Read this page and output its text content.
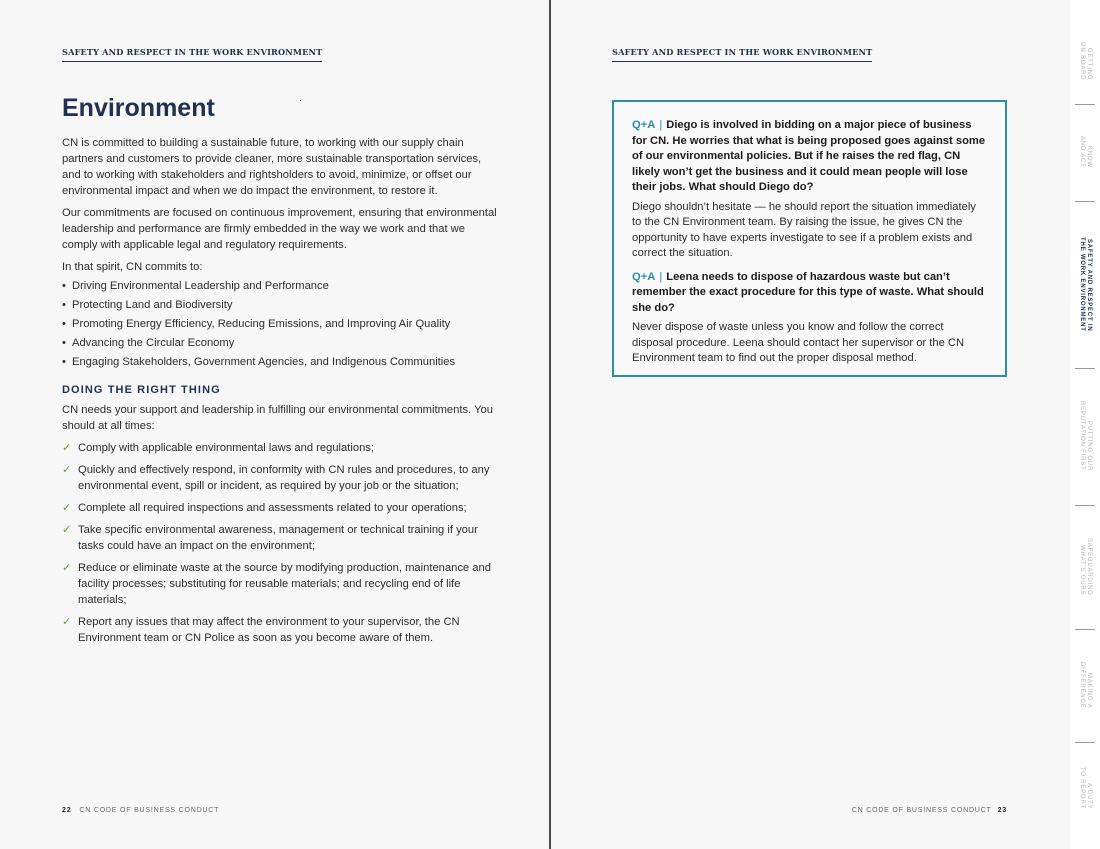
SAFETY AND RESPECT IN THE WORK ENVIRONMENT
Environment

CN is committed to building a sustainable future, to working with our supply chain partners and customers to provide cleaner, more sustainable transportation services, and to working with stakeholders and rightsholders to avoid, minimize, or offset our environmental impact and when we do impact the environment, to restore it.

Our commitments are focused on continuous improvement, ensuring that environmental leadership and performance are firmly embedded in the way we work and that we comply with applicable legal and regulatory requirements.

In that spirit, CN commits to:

• Driving Environmental Leadership and Performance
• Protecting Land and Biodiversity
• Promoting Energy Efficiency, Reducing Emissions, and Improving Air Quality
• Advancing the Circular Economy
• Engaging Stakeholders, Government Agencies, and Indigenous Communities
DOING THE RIGHT THING

CN needs your support and leadership in fulfilling our environmental commitments. You should at all times:

✓ Comply with applicable environmental laws and regulations;
✓ Quickly and effectively respond, in conformity with CN rules and procedures, to any environmental event, spill or incident, as required by your job or the situation;
✓ Complete all required inspections and assessments related to your operations;
✓ Take specific environmental awareness, management or technical training if your tasks could have an impact on the environment;
✓ Reduce or eliminate waste at the source by modifying production, maintenance and facility processes; substituting for reusable materials; and recycling end of life materials;
✓ Report any issues that may affect the environment to your supervisor, the CN Environment team or CN Police as soon as you become aware of them.
22 CN CODE OF BUSINESS CONDUCT
SAFETY AND RESPECT IN THE WORK ENVIRONMENT
Q+A | Diego is involved in bidding on a major piece of business for CN. He worries that what is being proposed goes against some of our environmental policies. But if he raises the red flag, CN likely won’t get the business and it could mean people will lose their jobs. What should Diego do?
Diego shouldn’t hesitate — he should report the situation immediately to the CN Environment team. By raising the issue, he gives CN the opportunity to have experts investigate to see if a problem exists and correct the situation.
Q+A | Leena needs to dispose of hazardous waste but can’t remember the exact procedure for this type of waste. What should she do?
Never dispose of waste unless you know and follow the correct disposal procedure. Leena should contact her supervisor or the CN Environment team to find out the proper disposal method.
CN CODE OF BUSINESS CONDUCT 23
GETTING
ON BOARD
KNOW
AND ACT
SAFETY AND RESPECT IN
THE WORK ENVIRONMENT
PUTTING OUR
REPUTATION FIRST
SAFEGUARDING
WHAT’S OURS
MAKING A
DIFFERENCE
A DUTY
TO REPORT
